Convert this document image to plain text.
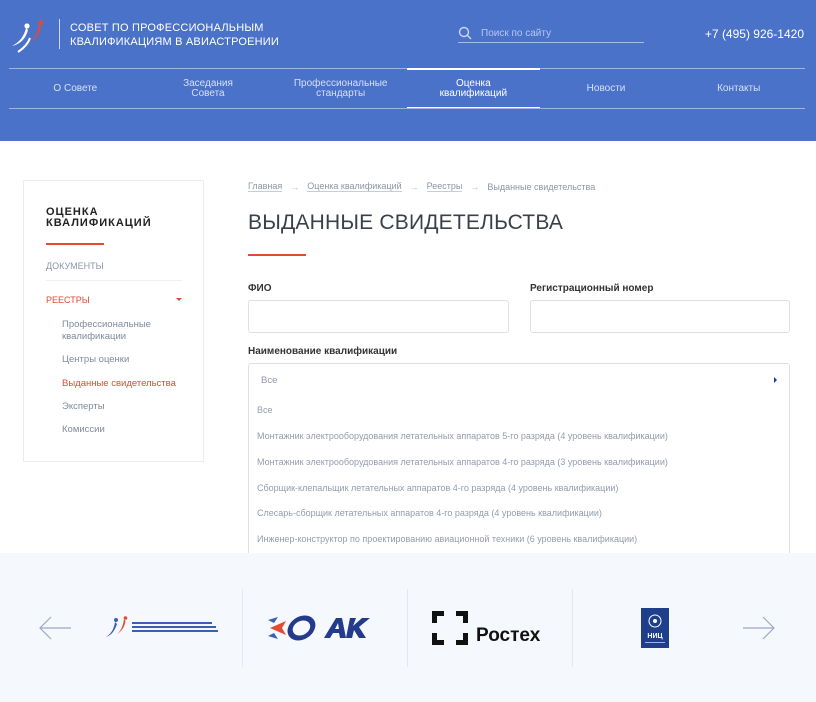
СОВЕТ ПО ПРОФЕССИОНАЛЬНЫМ КВАЛИФИКАЦИЯМ В АВИАСТРОЕНИИ
Поиск по сайту
+7 (495) 926-1420
О Совете	Заседания Совета
Профессиональные стандарты
Оценка квалификаций	Новости	Контакты
ОЦЕНКА КВАЛИФИКАЦИЙ
ДОКУМЕНТЫ
РЕЕСТРЫ
Профессиональные квалификации
Центры оценки
Выданные свидетельства
Эксперты
Комиссии
Главная → Оценка квалификаций → Реестры → Выданные свидетельства
ВЫДАННЫЕ СВИДЕТЕЛЬСТВА
ФИО	Регистрационный номер
Наименование квалификации
Все
Все
Монтажник электрооборудования летательных аппаратов 5-го разряда (4 уровень квалификации)
Монтажник электрооборудования летательных аппаратов 4-го разряда (3 уровень квалификации)
Сборщик-клепальщик летательных аппаратов 4-го разряда (4 уровень квалификации)
Слесарь-сборщик летательных аппаратов 4-го разряда (4 уровень квалификации)
Инженер-конструктор по проектированию авиационной техники (6 уровень квалификации)
Ростех	НИЦ
